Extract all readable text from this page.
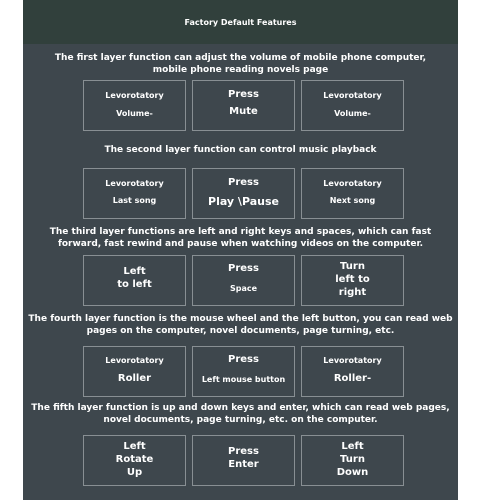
Factory Default Features
The first layer function can adjust the volume of mobile phone computer,
mobile phone reading novels page
Levorotatory
Volume-
Press
Mute
Levorotatory
Volume-
The second layer function can control music playback
Levorotatory
Last song
Press
Play \Pause
Levorotatory
Next song
The third layer functions are left and right keys and spaces, which can fast
forward, fast rewind and pause when watching videos on the computer.
Left
to left
Press
Space
Turn
left to
right
The fourth layer function is the mouse wheel and the left button, you can read web
pages on the computer, novel documents, page turning, etc.
Levorotatory
Roller
Press
Left mouse button
Levorotatory
Roller-
The fifth layer function is up and down keys and enter, which can read web pages,
novel documents, page turning, etc. on the computer.
Left
Rotate
Up
Press
Enter
Left
Turn
Down
